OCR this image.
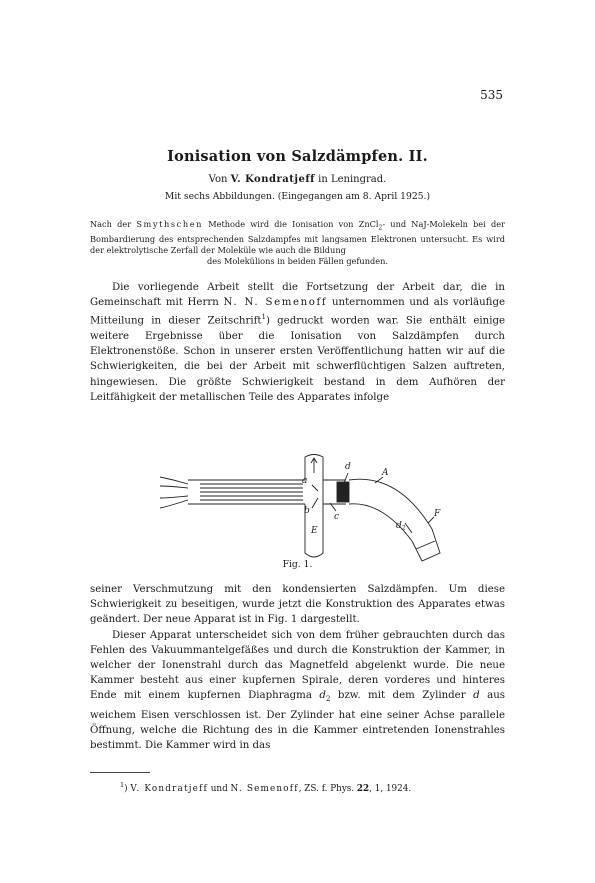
535
Ionisation von Salzdämpfen. II.
Von V. Kondratjeff in Leningrad.
Mit sechs Abbildungen. (Eingegangen am 8. April 1925.)
Nach der Smythschen Methode wird die Ionisation von ZnCl$_2$- und NaJ-Molekeln bei der Bombardierung des entsprechenden Salzdampfes mit langsamen Elektronen untersucht. Es wird der elektrolytische Zerfall der Moleküle wie auch die Bildung
des Molekülions in beiden Fällen gefunden.
Die vorliegende Arbeit stellt die Fortsetzung der Arbeit dar, die in Gemeinschaft mit Herrn N. N. Semenoff unternommen und als vorläufige Mitteilung in dieser Zeitschrift$^1$) gedruckt worden war. Sie enthält einige weitere Ergebnisse über die Ionisation von Salzdämpfen durch Elektronenstöße. Schon in unserer ersten Veröffentlichung hatten wir auf die Schwierigkeiten, die bei der Arbeit mit schwerflüchtigen Salzen auftreten, hingewiesen. Die größte Schwierigkeit bestand in dem Aufhören der Leitfähigkeit der metallischen Teile des Apparates infolge
a
b
d
c
E
A
$d_2$
F
Fig. 1.
seiner Verschmutzung mit den kondensierten Salzdämpfen. Um diese Schwierigkeit zu beseitigen, wurde jetzt die Konstruktion des Apparates etwas geändert. Der neue Apparat ist in Fig. 1 dargestellt.
Dieser Apparat unterscheidet sich von dem früher gebrauchten durch das Fehlen des Vakuummantelgefäßes und durch die Konstruktion der Kammer, in welcher der Ionenstrahl durch das Magnetfeld abgelenkt wurde. Die neue Kammer besteht aus einer kupfernen Spirale, deren vorderes und hinteres Ende mit einem kupfernen Diaphragma $d_2$ bzw. mit dem Zylinder d aus weichem Eisen verschlossen ist. Der Zylinder hat eine seiner Achse parallele Öffnung, welche die Richtung des in die Kammer eintretenden Ionenstrahles bestimmt. Die Kammer wird in das
$^1$) V. Kondratjeff und N. Semenoff, ZS. f. Phys. 22, 1, 1924.
